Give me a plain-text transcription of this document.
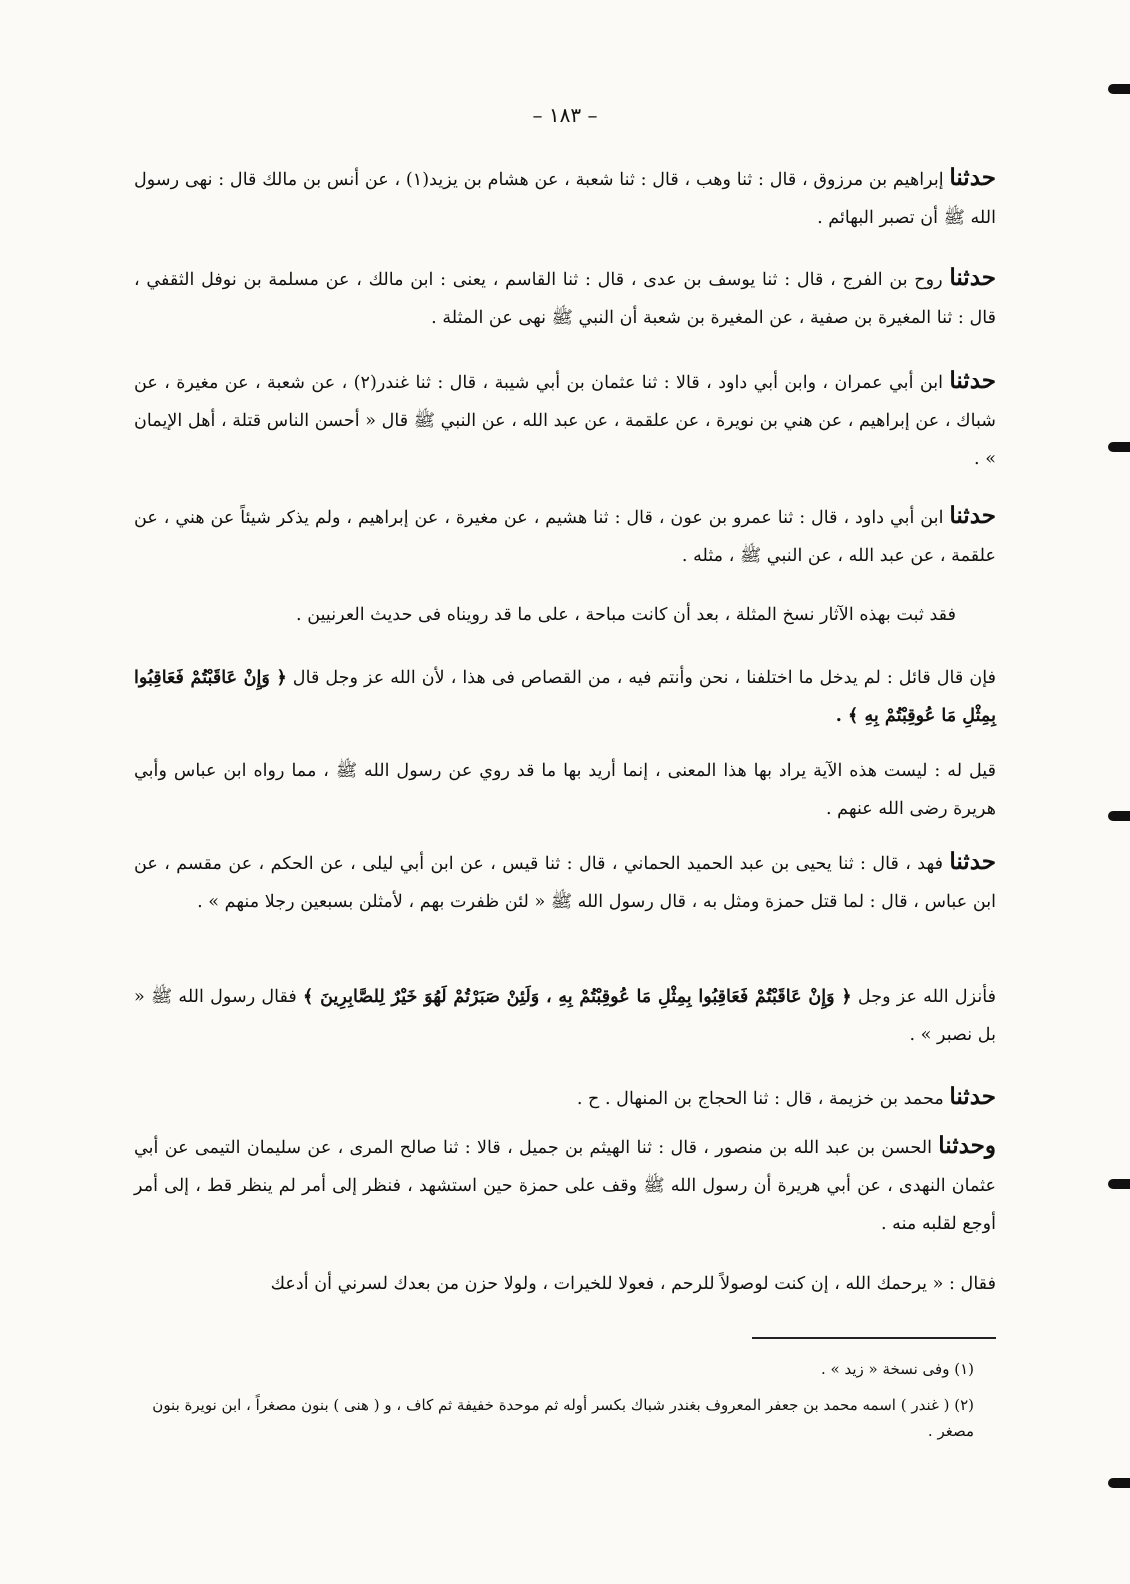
– ١٨٣ –
حدثنا إبراهيم بن مرزوق ، قال : ثنا وهب ، قال : ثنا شعبة ، عن هشام بن يزيد(١) ، عن أنس بن مالك قال : نهى رسول الله ﷺ أن تصبر البهائم .
حدثنا روح بن الفرج ، قال : ثنا يوسف بن عدى ، قال : ثنا القاسم ، يعنى : ابن مالك ، عن مسلمة بن نوفل الثقفي ، قال : ثنا المغيرة بن صفية ، عن المغيرة بن شعبة أن النبي ﷺ نهى عن المثلة .
حدثنا ابن أبي عمران ، وابن أبي داود ، قالا : ثنا عثمان بن أبي شيبة ، قال : ثنا غندر(٢) ، عن شعبة ، عن مغيرة ، عن شباك ، عن إبراهيم ، عن هني بن نويرة ، عن علقمة ، عن عبد الله ، عن النبي ﷺ قال « أحسن الناس قتلة ، أهل الإيمان » .
حدثنا ابن أبي داود ، قال : ثنا عمرو بن عون ، قال : ثنا هشيم ، عن مغيرة ، عن إبراهيم ، ولم يذكر شيئاً عن هني ، عن علقمة ، عن عبد الله ، عن النبي ﷺ ، مثله .
فقد ثبت بهذه الآثار نسخ المثلة ، بعد أن كانت مباحة ، على ما قد رويناه فى حديث العرنيين .
فإن قال قائل : لم يدخل ما اختلفنا ، نحن وأنتم فيه ، من القصاص فى هذا ، لأن الله عز وجل قال ﴿ وَإِنْ عَاقَبْتُمْ فَعَاقِبُوا بِمِثْلِ مَا عُوقِبْتُمْ بِهِ ﴾ .
قيل له : ليست هذه الآية يراد بها هذا المعنى ، إنما أريد بها ما قد روي عن رسول الله ﷺ ، مما رواه ابن عباس وأبي هريرة رضى الله عنهم .
حدثنا فهد ، قال : ثنا يحيى بن عبد الحميد الحماني ، قال : ثنا قيس ، عن ابن أبي ليلى ، عن الحكم ، عن مقسم ، عن ابن عباس ، قال : لما قتل حمزة ومثل به ، قال رسول الله ﷺ « لئن ظفرت بهم ، لأمثلن بسبعين رجلا منهم » .
فأنزل الله عز وجل ﴿ وَإِنْ عَاقَبْتُمْ فَعَاقِبُوا بِمِثْلِ مَا عُوقِبْتُمْ بِهِ ، وَلَئِنْ صَبَرْتُمْ لَهُوَ خَيْرٌ لِلصَّابِرِينَ ﴾ فقال رسول الله ﷺ « بل نصبر » .
حدثنا محمد بن خزيمة ، قال : ثنا الحجاج بن المنهال . ح .
وحدثنا الحسن بن عبد الله بن منصور ، قال : ثنا الهيثم بن جميل ، قالا : ثنا صالح المرى ، عن سليمان التيمى عن أبي عثمان النهدى ، عن أبي هريرة أن رسول الله ﷺ وقف على حمزة حين استشهد ، فنظر إلى أمر لم ينظر قط ، إلى أمر أوجع لقلبه منه .
فقال : « يرحمك الله ، إن كنت لوصولاً للرحم ، فعولا للخيرات ، ولولا حزن من بعدك لسرني أن أدعك
(١) وفى نسخة « زيد » .
(٢) ( غندر ) اسمه محمد بن جعفر المعروف بغندر شباك بكسر أوله ثم موحدة خفيفة ثم كاف ، و ( هنى ) بنون مصغراً ، ابن نويرة بنون مصغر .
